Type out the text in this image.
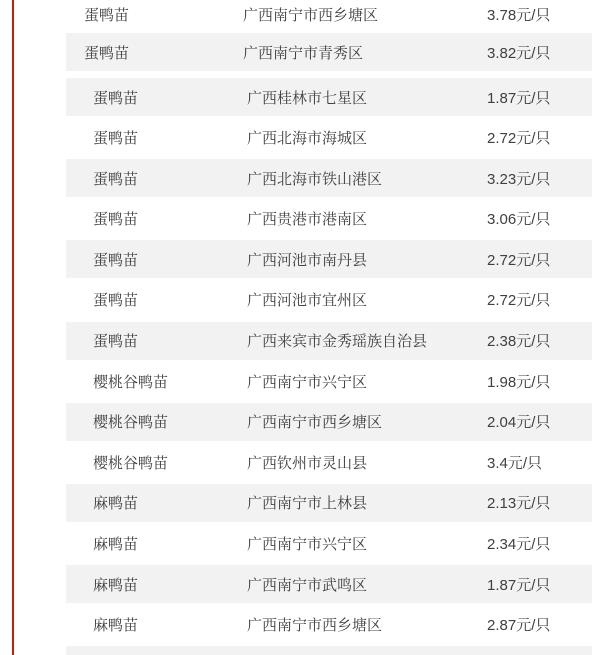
蛋鸭苗	广西南宁市西乡塘区	3.78元/只
蛋鸭苗	广西南宁市青秀区	3.82元/只
蛋鸭苗	广西桂林市七星区	1.87元/只
蛋鸭苗	广西北海市海城区	2.72元/只
蛋鸭苗	广西北海市铁山港区	3.23元/只
蛋鸭苗	广西贵港市港南区	3.06元/只
蛋鸭苗	广西河池市南丹县	2.72元/只
蛋鸭苗	广西河池市宜州区	2.72元/只
蛋鸭苗	广西来宾市金秀瑶族自治县	2.38元/只
樱桃谷鸭苗	广西南宁市兴宁区	1.98元/只
樱桃谷鸭苗	广西南宁市西乡塘区	2.04元/只
樱桃谷鸭苗	广西钦州市灵山县	3.4元/只
麻鸭苗	广西南宁市上林县	2.13元/只
麻鸭苗	广西南宁市兴宁区	2.34元/只
麻鸭苗	广西南宁市武鸣区	1.87元/只
麻鸭苗	广西南宁市西乡塘区	2.87元/只
